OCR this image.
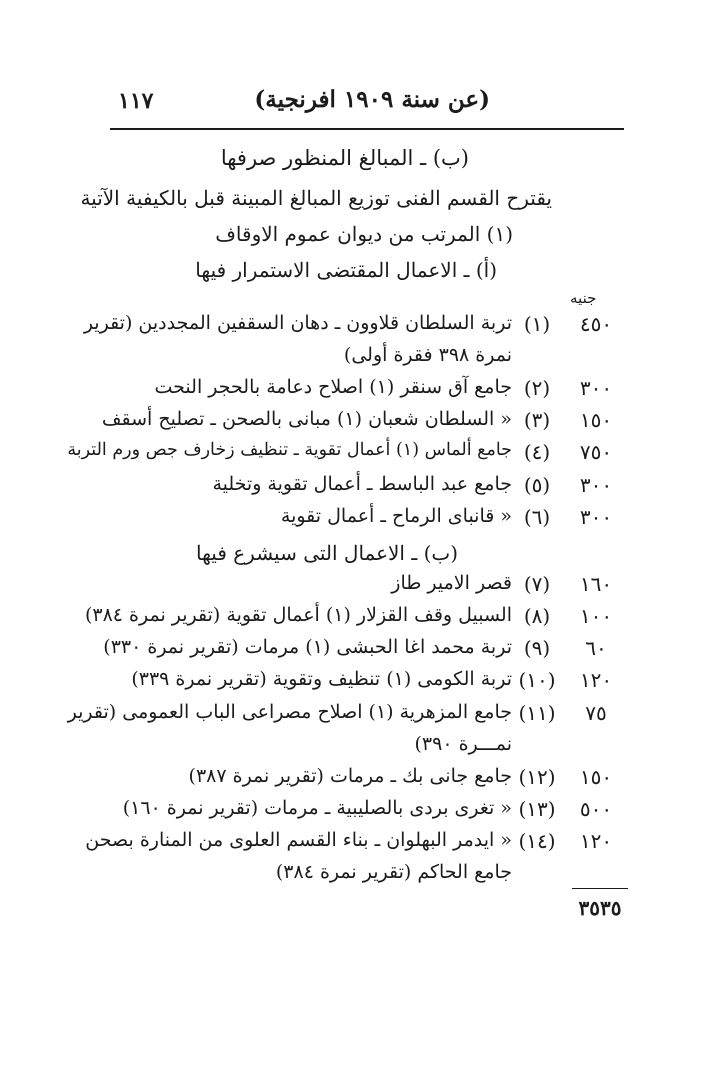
(عن سنة ١٩٠٩ افرنجية)
١١٧
(ب) ـ المبالغ المنظور صرفها
يقترح القسم الفنى توزيع المبالغ المبينة قبل بالكيفية الآتية
(١) المرتب من ديوان عموم الاوقاف
(أ) ـ الاعمال المقتضى الاستمرار فيها
جنيه
٤٥٠
(١)
تربة السلطان قلاوون ـ دهان السقفين المجددين (تقرير
نمرة ٣٩٨ فقرة أولى)
٣٠٠
(٢)
جامع آق سنقر (١) اصلاح دعامة بالحجر النحت
١٥٠
(٣)
« السلطان شعبان (١) مبانى بالصحن ـ تصليح أسقف
٧٥٠
(٤)
جامع ألماس (١) أعمال تقوية ـ تنظيف زخارف جص ورم التربة
٣٠٠
(٥)
جامع عبد الباسط ـ أعمال تقوية وتخلية
٣٠٠
(٦)
« قانباى الرماح ـ أعمال تقوية
(ب) ـ الاعمال التى سيشرع فيها
١٦٠
(٧)
قصر الامير طاز
١٠٠
(٨)
السبيل وقف القزلار (١) أعمال تقوية (تقرير نمرة ٣٨٤)
٦٠
(٩)
تربة محمد اغا الحبشى (١) مرمات (تقرير نمرة ٣٣٠)
١٢٠
(١٠)
تربة الكومى (١) تنظيف وتقوية (تقرير نمرة ٣٣٩)
٧٥
(١١)
جامع المزهرية (١) اصلاح مصراعى الباب العمومى (تقرير
نمـــرة ٣٩٠)
١٥٠
(١٢)
جامع جانى بك ـ مرمات (تقرير نمرة ٣٨٧)
٥٠٠
(١٣)
« تغرى بردى بالصليبية ـ مرمات (تقرير نمرة ١٦٠)
١٢٠
(١٤)
« ايدمر البهلوان ـ بناء القسم العلوى من المنارة بصحن
جامع الحاكم (تقرير نمرة ٣٨٤)
٣٥٣٥
